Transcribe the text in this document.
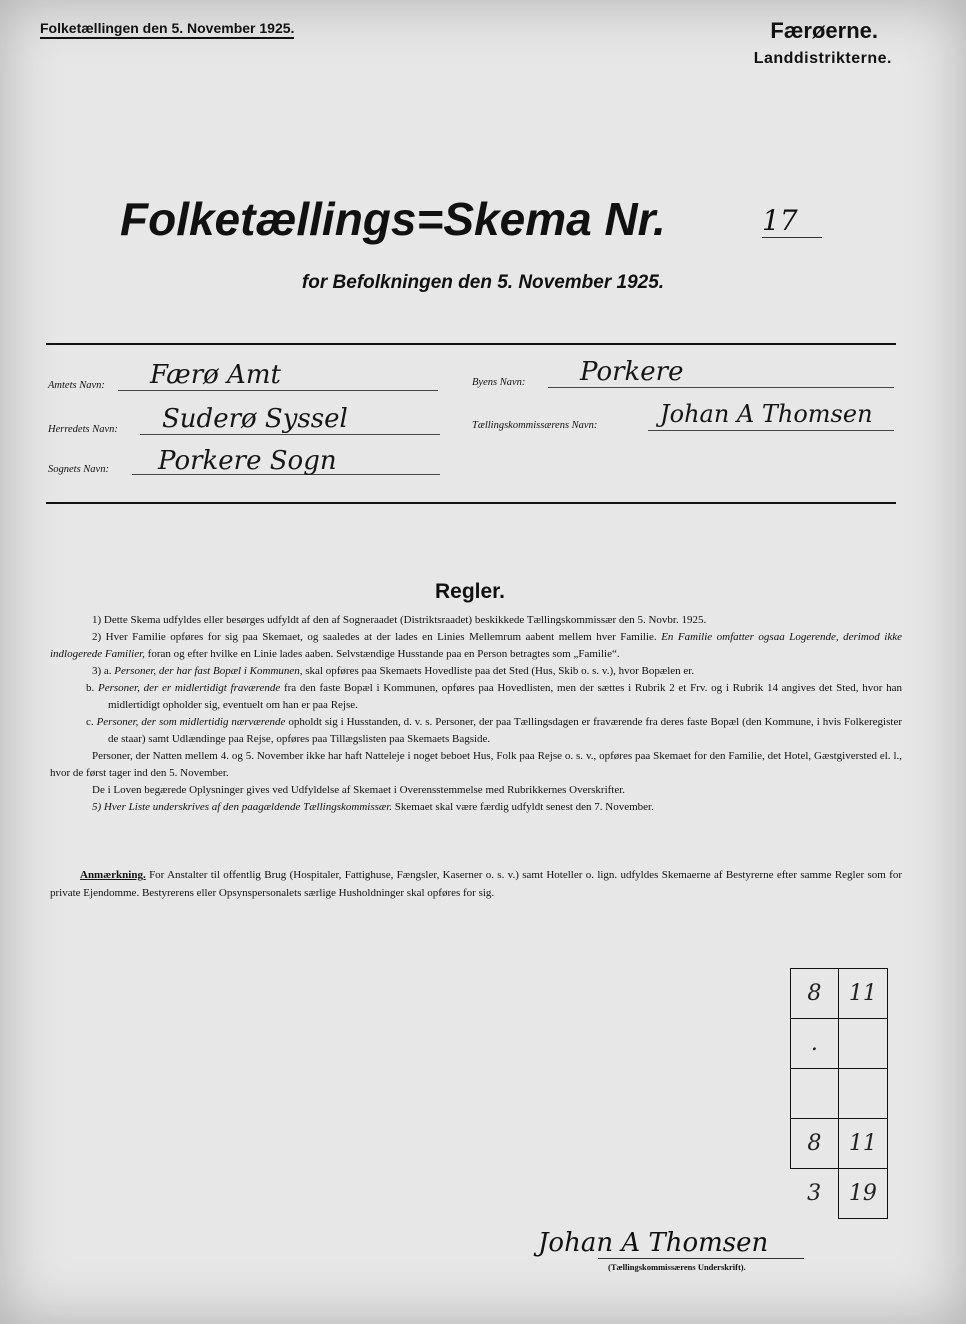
Folketællingen den 5. November 1925.	Færøerne.
Landdistrikterne.
Folketællings=Skema Nr.	17
for Befolkningen den 5. November 1925.
Amtets Navn: Færø Amt
Herredets Navn: Suderø Syssel
Sognets Navn: Porkere Sogn
Byens Navn: Porkere
Tællingskommissærens Navn:	Johan A Thomsen
Regler.

1) Dette Skema udfyldes eller besørges udfyldt af den af Sogneraadet (Distriktsraadet) beskikkede Tællingskommissær den 5. Novbr. 1925.

2) Hver Familie opføres for sig paa Skemaet, og saaledes at der lades en Linies Mellemrum aabent mellem hver Familie. En Familie omfatter ogsaa Logerende, derimod ikke indlogerede Familier, foran og efter hvilke en Linie lades aaben. Selvstændige Husstande paa en Person betragtes som „Familie“.

3) a. Personer, der har fast Bopæl i Kommunen, skal opføres paa Skemaets Hovedliste paa det Sted (Hus, Skib o. s. v.), hvor Bopælen er.

b. Personer, der er midlertidigt fraværende fra den faste Bopæl i Kommunen, opføres paa Hovedlisten, men der sættes i Rubrik 2 et Frv. og i Rubrik 14 angives det Sted, hvor han midlertidigt opholder sig, eventuelt om han er paa Rejse.

c. Personer, der som midlertidig nærværende opholdt sig i Husstanden, d. v. s. Personer, der paa Tællingsdagen er fraværende fra deres faste Bopæl (den Kommune, i hvis Folkeregister de staar) samt Udlændinge paa Rejse, opføres paa Tillægslisten paa Skemaets Bagside.

Personer, der Natten mellem 4. og 5. November ikke har haft Natteleje i noget beboet Hus, Folk paa Rejse o. s. v., opføres paa Skemaet for den Familie, det Hotel, Gæstgiversted el. l., hvor de først tager ind den 5. November.

De i Loven begærede Oplysninger gives ved Udfyldelse af Skemaet i Overensstemmelse med Rubrikkernes Overskrifter.

5) Hver Liste underskrives af den paagældende Tællingskommissær. Skemaet skal være færdig udfyldt senest den 7. November.

Anmærkning. For Anstalter til offentlig Brug (Hospitaler, Fattighuse, Fængsler, Kaserner o. s. v.) samt Hoteller o. lign. udfyldes Skemaerne af Bestyrerne efter samme Regler som for private Ejendomme. Bestyrerens eller Opsynspersonalets særlige Husholdninger skal opføres for sig.

8	11
.	

8	11
3	19
Johan A Thomsen
(Tællingskommissærens Underskrift).
